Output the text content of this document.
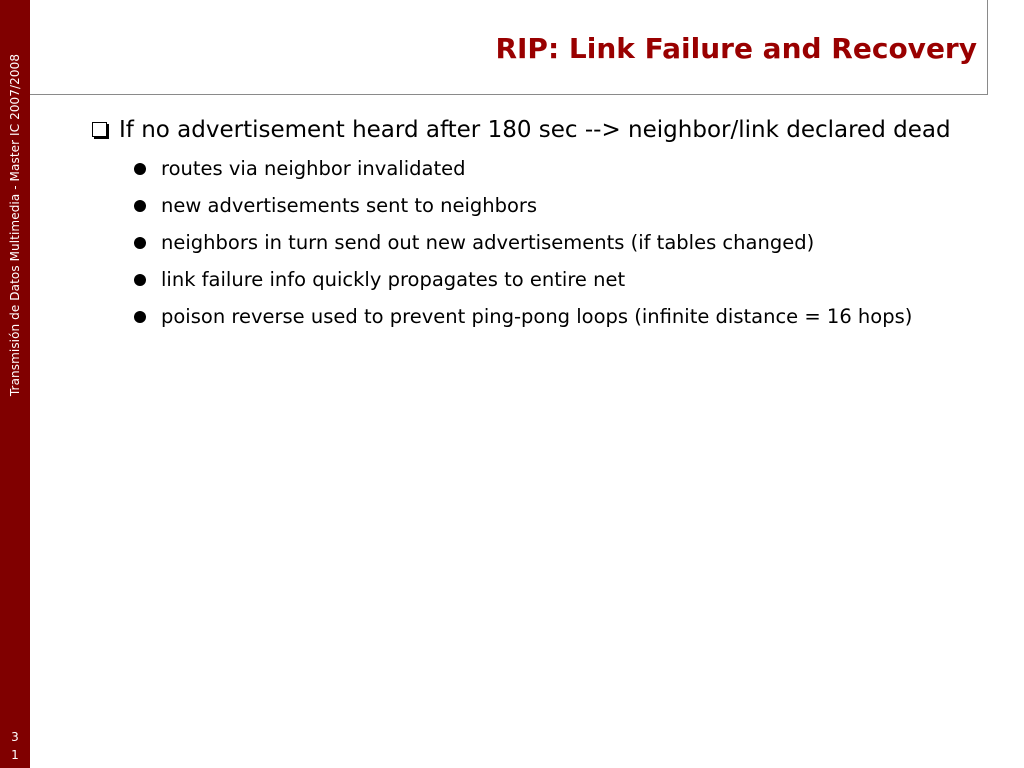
Transmisión de Datos Multimedia - Master IC 2007/2008
31
RIP: Link Failure and Recovery
If no advertisement heard after 180 sec --> neighbor/link declared dead
routes via neighbor invalidated
new advertisements sent to neighbors
neighbors in turn send out new advertisements (if tables changed)
link failure info quickly propagates to entire net
poison reverse used to prevent ping-pong loops (infinite distance = 16 hops)
